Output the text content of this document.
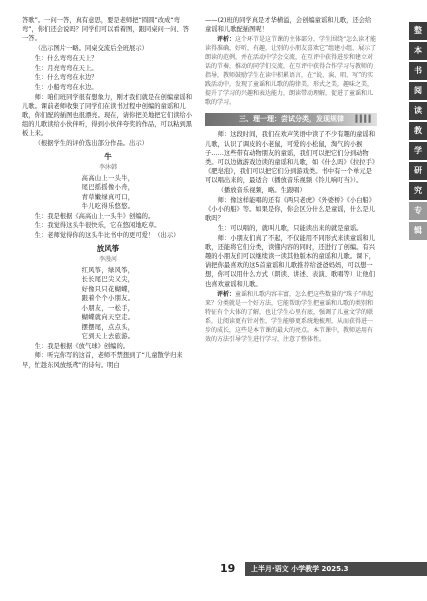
答歌”。一问一答，真有意思，要是老师把“圆圆”改成“弯弯”，你们还会说吗？同学们可以看着图，跟同桌问一问、答一答。

（出示图片一略。同桌交流后全班展示）

生：什么弯弯在天上？

生：月亮弯弯在天上。

生：什么弯弯在水边？

生：小船弯弯在水边。

师：咱们班同学很有想象力，刚才我们就是在创编童谣和儿歌。课前老师收集了同学们在读书过程中创编的童谣和儿歌，你们配的插图也很漂亮。现在，请你把美地把它们读给小组的儿歌读给小伙伴听，得到小伙伴夸奖的作品，可以粘到黑板上来。

（根据学生的评价选出部分作品。出示）

牛
李沐韩
高高山上一头牛，
尾巴摇摇像小舟，
青草嫩绿真可口，
牛儿吃得乐悠悠。

生：我是根据《高高山上一头牛》创编的。

生：我觉得这头牛很快乐，它在悠闲地吃草。

生：老师觉得你的这头牛比书中的更可爱！（出示）

放风筝
李漫河
红风筝，绿风筝，
长长尾巴尖又尖，
好像只只花蝴蝶，
跟着个个小朋友。
小朋友，一松手，
蝴蝶就向天空走。
摆摆尾，点点头，
它到天上去旅游。

生：我是根据《放气球》创编的。

师：听完你写的这首，老师不禁想到了“儿童散学归来早，忙趁东风放纸鸢”的诗句。明白

——(2)班的同学真是才华横溢，会创编童谣和儿歌，还会给童谣和儿歌配插图呢！

评析：这个环节是这节课的主体部分，学生围绕“怎么读才能读得准确，好听，有趣，让别的小朋友喜欢它”组建小组，展示了朗读的范例，并在活动中学会交流，在互评中获得进步和建立对话的节奏，推动的同学们交流，在互评中获得合作学习与教师的指导，教师鼓励学生在读中积累语言，在“说、演、唱、写”的实践活动中，发现了童谣和儿歌的韵律美，形式之美，趣味之美，提升了学习的兴趣和表达能力，朗读带动理解，促进了童谣和儿歌的学习。
三、理一理：尝试分类，发现规律 ▍▍▍▍

师：这段时间，我们在欢声笑语中读了不少有趣的童谣和儿歌，认识了调皮的小老鼠，可爱的小松鼠，淘气的小猴子……这些带有动物朋友的童谣，我们可以把它们分到动物类。可以边做游戏边读的童谣和儿歌，如《什么吗》《拉拉手》《肥皂泡》，我们可以把它们分到游戏类。书中有一个单元是可以唱出来的，最适合（播放音乐视频《铃儿响叮当》）。

（播放音乐视频，略。生跟唱）

师：像这样能唱的还有《两只老虎》《外婆桥》《小白船》《小小的船》等。如果是你，你会区分什么是童谣，什么是儿歌吗？

生：可以唱的，就叫儿歌，只能读出来的就是童谣。

师：小朋友们真了不起，不仅能用不同形式来读童谣和儿歌，还能将它们分类，读懂内容的同时，还进行了创编。有兴趣的小朋友们可以继续读一读其他版本的童谣和儿歌。课下，请把你最喜欢的这5首童谣和儿歌推荐给爸爸妈妈，可以想一想，你可以用什么方式（朗读、讲述、表演、歌唱等）让他们也喜欢童谣和儿歌。

评析：童谣和儿歌内容丰富，怎么把这些数量的“珠子”串起来？分类就是一个好方法，它能帮助学生把童谣和儿歌的类别和特征有个大体的了解，也让学生心里有底，强调了儿童文学的联系，让阅读更有针对性，学生能够更系统地梳理，从而获得进一步的成长，这些是本节课的最大的亮点。本节课中，教师运用有效的方法引导学生进行学习，注意了整体性。
整
本
书
阅
读
教
学
研
究
专
辑
19	上半月·语文 小学教学 2025.3
